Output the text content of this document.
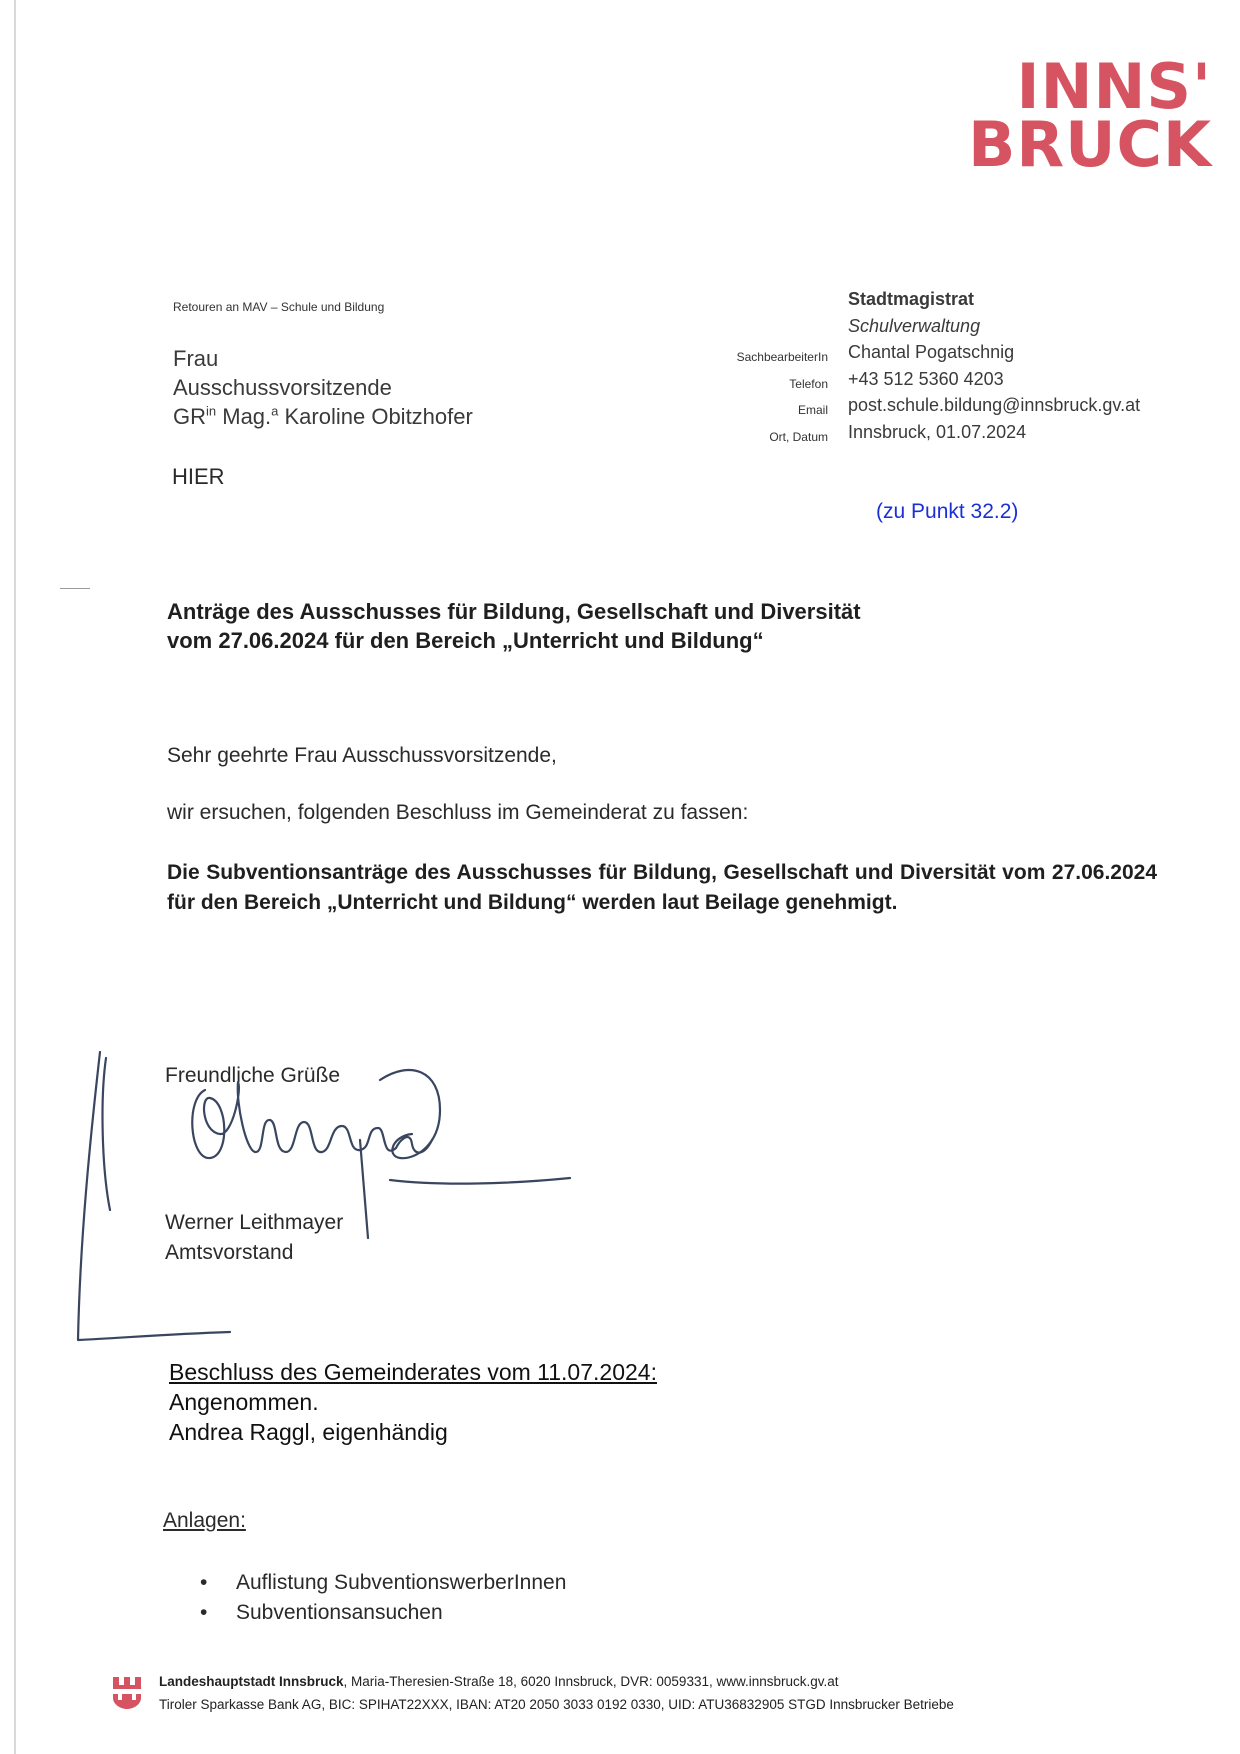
INNS'
BRUCK
Retouren an MAV – Schule und Bildung
Frau
Ausschussvorsitzende
$GR^{in}$ Mag.$^a$ Karoline Obitzhofer
HIER
SachbearbeiterIn
Telefon
Email
Ort, Datum
Stadtmagistrat
Schulverwaltung
Chantal Pogatschnig
+43 512 5360 4203
post.schule.bildung@innsbruck.gv.at
Innsbruck, 01.07.2024
(zu Punkt 32.2)
Anträge des Ausschusses für Bildung, Gesellschaft und Diversität
vom 27.06.2024 für den Bereich „Unterricht und Bildung“
Sehr geehrte Frau Ausschussvorsitzende,
wir ersuchen, folgenden Beschluss im Gemeinderat zu fassen:
Die Subventionsanträge des Ausschusses für Bildung, Gesellschaft und Diversität vom 27.06.2024 für den Bereich „Unterricht und Bildung“ werden laut Beilage genehmigt.
Freundliche Grüße
Werner Leithmayer
Amtsvorstand
Beschluss des Gemeinderates vom 11.07.2024:
Angenommen.
Andrea Raggl, eigenhändig
Anlagen:
• Auflistung SubventionswerberInnen
• Subventionsansuchen
Landeshauptstadt Innsbruck, Maria-Theresien-Straße 18, 6020 Innsbruck, DVR: 0059331, www.innsbruck.gv.at
Tiroler Sparkasse Bank AG, BIC: SPIHAT22XXX, IBAN: AT20 2050 3033 0192 0330, UID: ATU36832905 STGD Innsbrucker Betriebe
